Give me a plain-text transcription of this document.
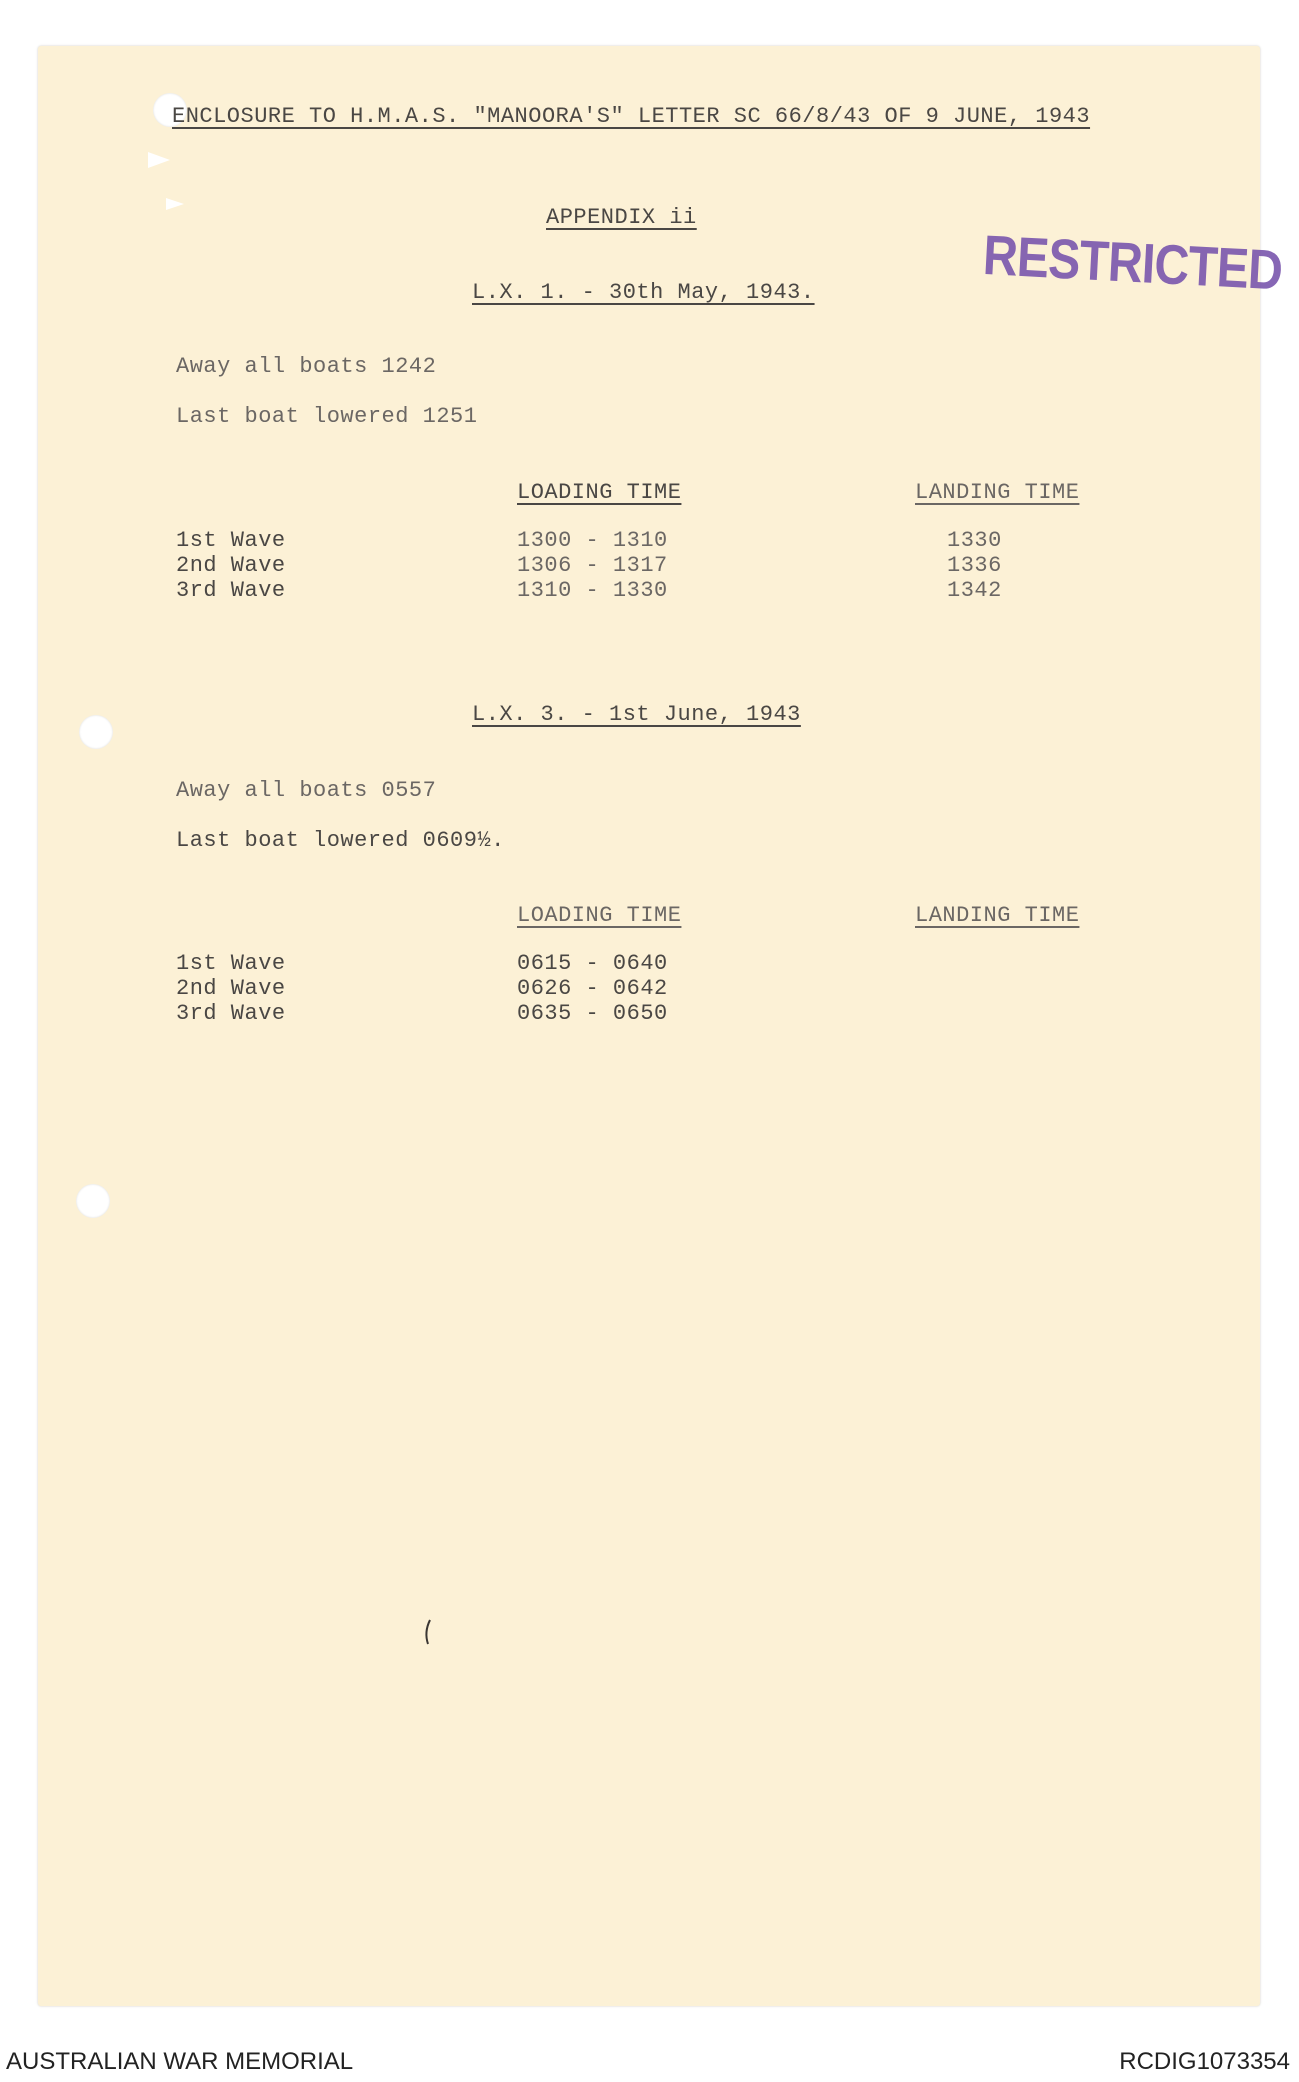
ENCLOSURE TO H.M.A.S. "MANOORA'S" LETTER SC 66/8/43 OF 9 JUNE, 1943
APPENDIX ii
RESTRICTED
L.X. 1. - 30th May, 1943.
Away all boats 1242
Last boat lowered 1251
LOADING TIME	LANDING TIME
1st Wave	1300 - 1310	1330
2nd Wave	1306 - 1317	1336
3rd Wave	1310 - 1330	1342
L.X. 3. - 1st June, 1943
Away all boats 0557
Last boat lowered 0609½.
LOADING TIME	LANDING TIME
1st Wave	0615 - 0640
2nd Wave	0626 - 0642
3rd Wave	0635 - 0650
AUSTRALIAN WAR MEMORIAL	RCDIG1073354
